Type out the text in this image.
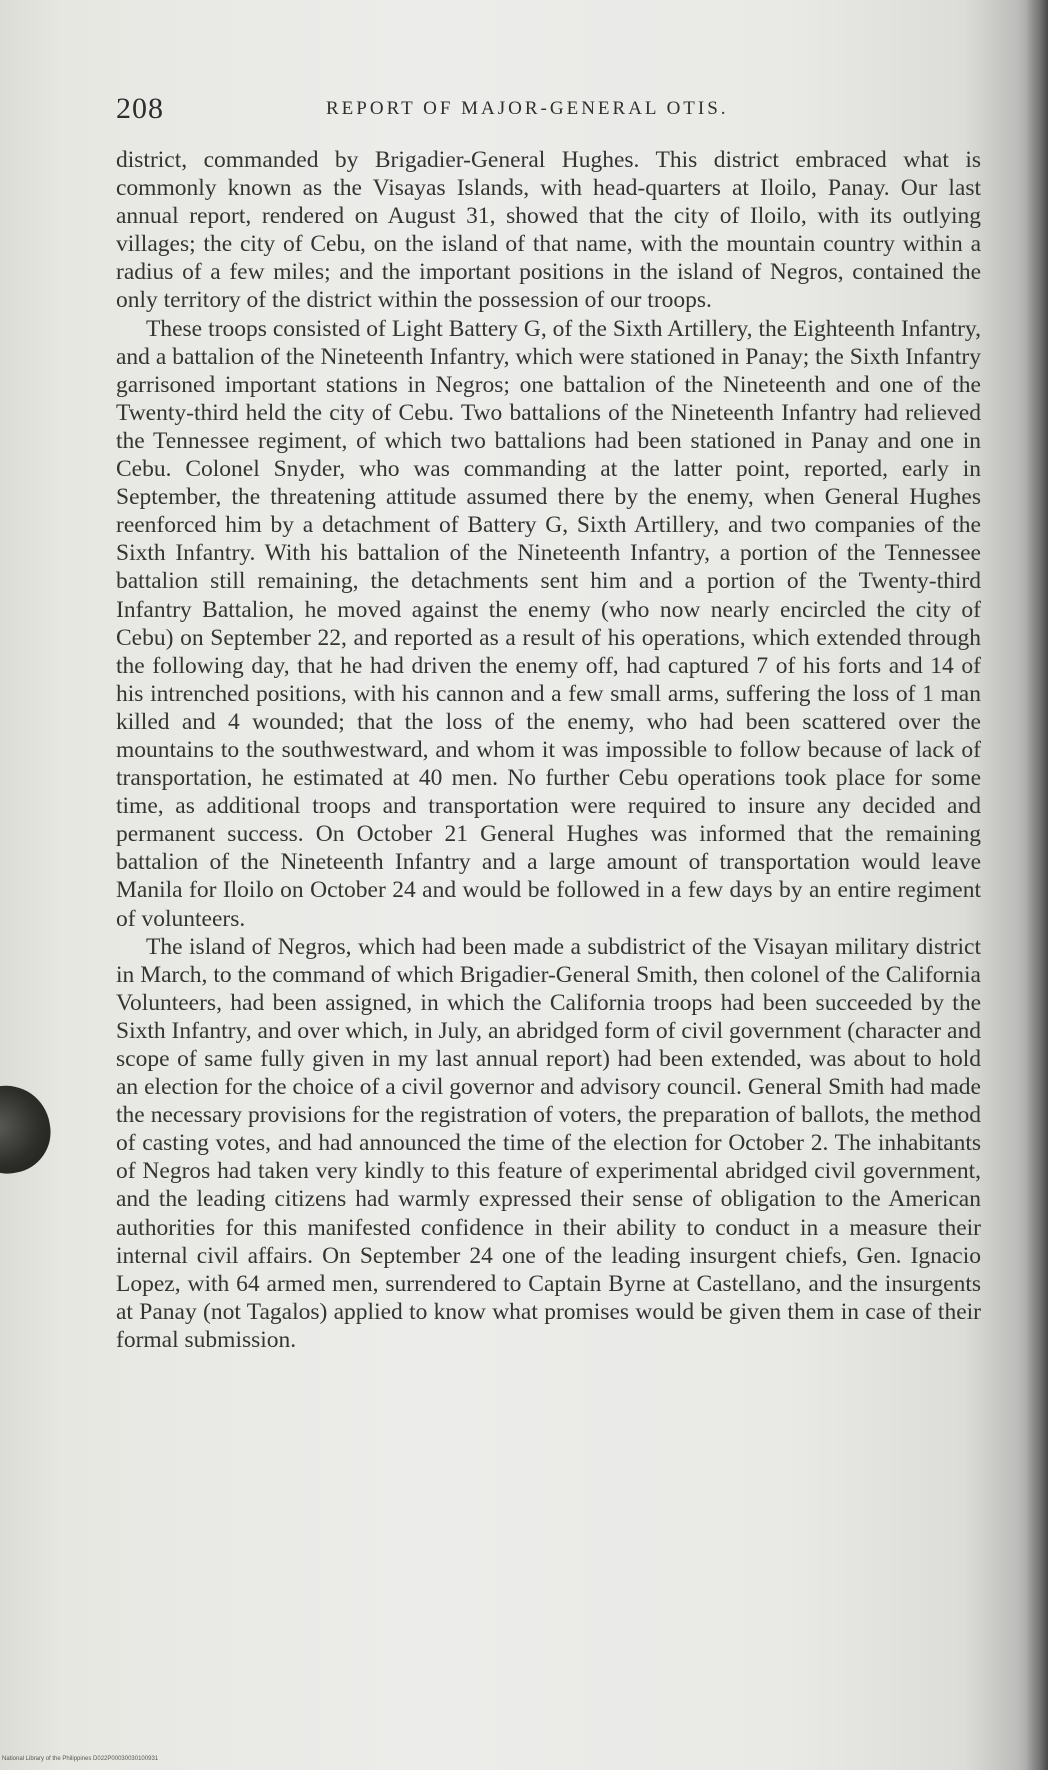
208	REPORT OF MAJOR-GENERAL OTIS.

district, commanded by Brigadier-General Hughes. This district embraced what is commonly known as the Visayas Islands, with head-quarters at Iloilo, Panay. Our last annual report, rendered on August 31, showed that the city of Iloilo, with its outlying villages; the city of Cebu, on the island of that name, with the mountain country within a radius of a few miles; and the important positions in the island of Negros, contained the only territory of the district within the possession of our troops.

These troops consisted of Light Battery G, of the Sixth Artillery, the Eighteenth Infantry, and a battalion of the Nineteenth Infantry, which were stationed in Panay; the Sixth Infantry garrisoned important stations in Negros; one battalion of the Nineteenth and one of the Twenty-third held the city of Cebu. Two battalions of the Nineteenth Infantry had relieved the Tennessee regiment, of which two battalions had been stationed in Panay and one in Cebu. Colonel Snyder, who was commanding at the latter point, reported, early in September, the threatening attitude assumed there by the enemy, when General Hughes reenforced him by a detachment of Battery G, Sixth Artillery, and two companies of the Sixth Infantry. With his battalion of the Nineteenth Infantry, a portion of the Tennessee battalion still remaining, the detachments sent him and a portion of the Twenty-third Infantry Battalion, he moved against the enemy (who now nearly encircled the city of Cebu) on September 22, and reported as a result of his operations, which extended through the following day, that he had driven the enemy off, had captured 7 of his forts and 14 of his intrenched positions, with his cannon and a few small arms, suffering the loss of 1 man killed and 4 wounded; that the loss of the enemy, who had been scattered over the mountains to the southwestward, and whom it was impossible to follow because of lack of transportation, he estimated at 40 men. No further Cebu operations took place for some time, as additional troops and transportation were required to insure any decided and permanent success. On October 21 General Hughes was informed that the remaining battalion of the Nineteenth Infantry and a large amount of transportation would leave Manila for Iloilo on October 24 and would be followed in a few days by an entire regiment of volunteers.

The island of Negros, which had been made a subdistrict of the Visayan military district in March, to the command of which Brigadier-General Smith, then colonel of the California Volunteers, had been assigned, in which the California troops had been succeeded by the Sixth Infantry, and over which, in July, an abridged form of civil government (character and scope of same fully given in my last annual report) had been extended, was about to hold an election for the choice of a civil governor and advisory council. General Smith had made the necessary provisions for the registration of voters, the preparation of ballots, the method of casting votes, and had announced the time of the election for October 2. The inhabitants of Negros had taken very kindly to this feature of experimental abridged civil government, and the leading citizens had warmly expressed their sense of obligation to the American authorities for this manifested confidence in their ability to conduct in a measure their internal civil affairs. On September 24 one of the leading insurgent chiefs, Gen. Ignacio Lopez, with 64 armed men, surrendered to Captain Byrne at Castellano, and the insurgents at Panay (not Tagalos) applied to know what promises would be given them in case of their formal submission.

National Library of the Philippines D022P00030030100931
